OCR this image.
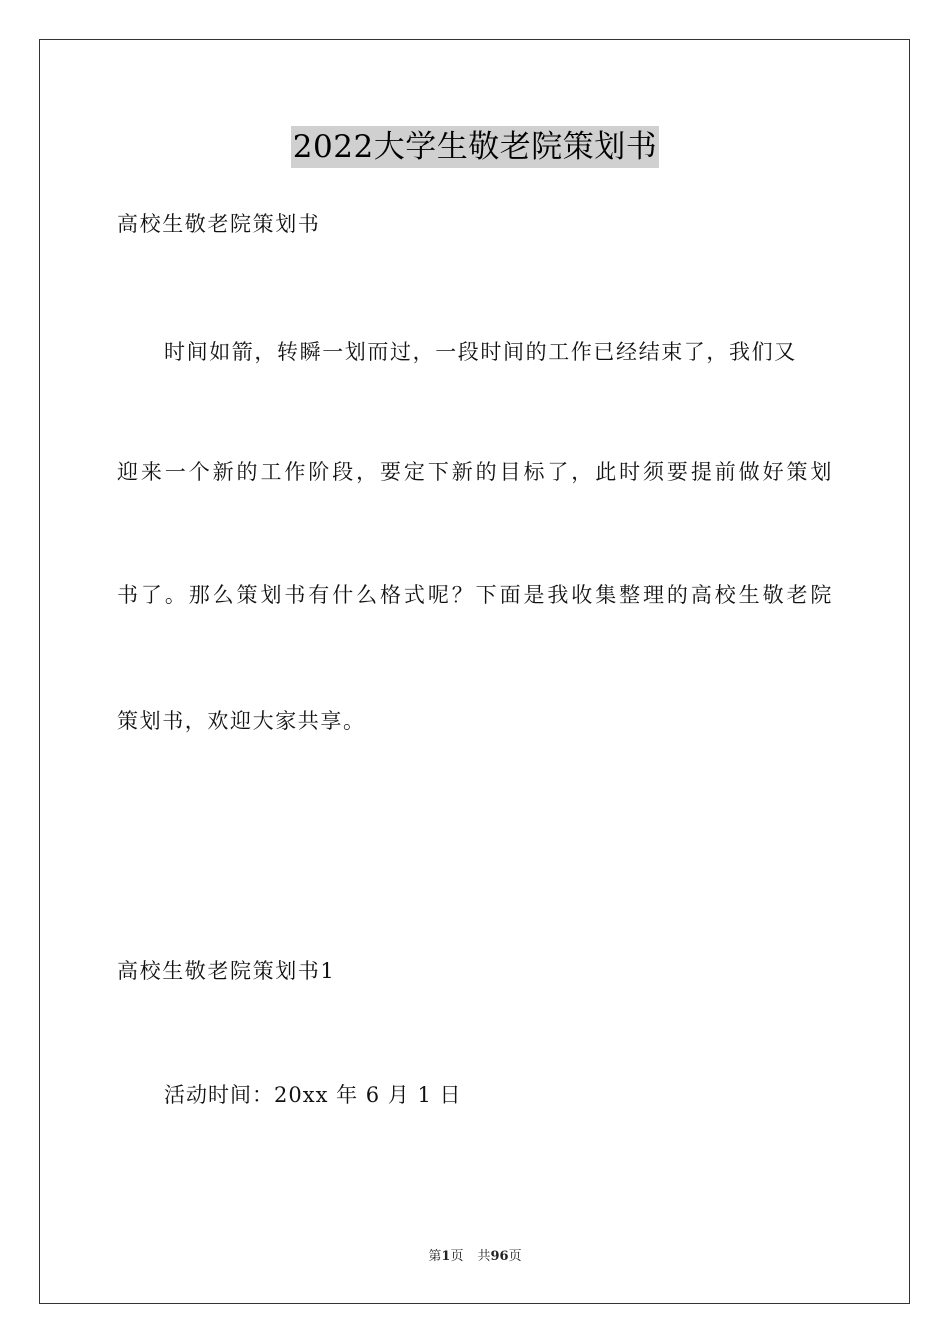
2022大学生敬老院策划书
高校生敬老院策划书
时间如箭，转瞬一划而过，一段时间的工作已经结束了，我们又
迎来一个新的工作阶段，要定下新的目标了，此时须要提前做好策划
书了。那么策划书有什么格式呢？下面是我收集整理的高校生敬老院
策划书，欢迎大家共享。
高校生敬老院策划书1
活动时间：20xx 年 6 月 1 日
第1页 共96页
